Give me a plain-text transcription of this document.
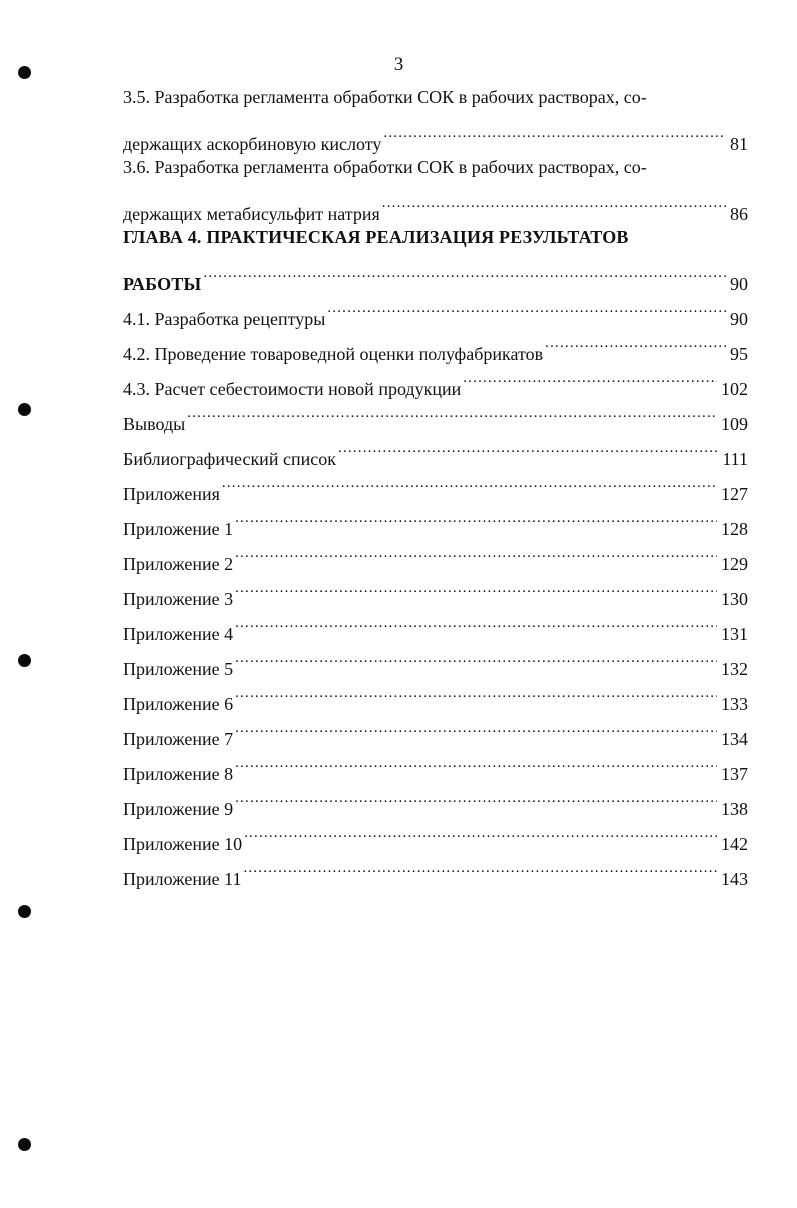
3
3.5. Разработка регламента обработки СОК в рабочих растворах, со-
держащих аскорбиновую кислоту .....	81
3.6. Разработка регламента обработки СОК в рабочих растворах, со-
держащих метабисульфит натрия .....	86
ГЛАВА 4. ПРАКТИЧЕСКАЯ РЕАЛИЗАЦИЯ РЕЗУЛЬТАТОВ
РАБОТЫ .....	90
4.1. Разработка рецептуры .....	90
4.2. Проведение товароведной оценки полуфабрикатов .....	95
4.3. Расчет себестоимости новой продукции .....	102
Выводы .....	109
Библиографический список .....	111
Приложения .....	127
Приложение 1 .....	128
Приложение 2 .....	129
Приложение 3 .....	130
Приложение 4 .....	131
Приложение 5 .....	132
Приложение 6 .....	133
Приложение 7 .....	134
Приложение 8 .....	137
Приложение 9 .....	138
Приложение 10 .....	142
Приложение 11 .....	143
